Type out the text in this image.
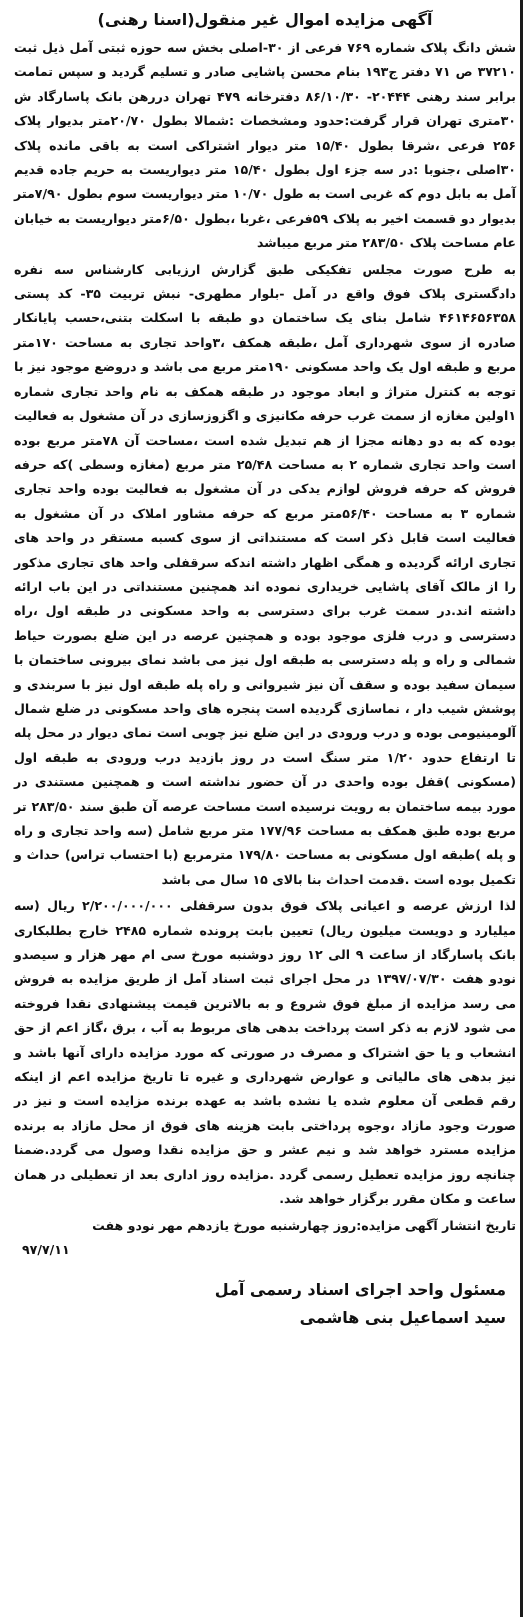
آگهی مزایده اموال غیر منقول(اسنا رهنی)

شش دانگ پلاک شماره ۷۶۹ فرعی از ۳۰-اصلی بخش سه حوزه ثبتی آمل ذیل ثبت ۳۷۲۱۰ ص ۷۱ دفتر ج۱۹۳ بنام محسن پاشایی صادر و تسلیم گردید و سپس تمامت برابر سند رهنی ۲۰۴۴۴- ۸۶/۱۰/۳۰ دفترخانه ۴۷۹ تهران دررهن بانک پاسارگاد ش ۳۰متری تهران قرار گرفت:حدود ومشخصات :شمالا بطول ۲۰/۷۰متر بدیوار پلاک ۲۵۶ فرعی ،شرقا بطول ۱۵/۴۰ متر دیوار اشتراکی است به باقی مانده پلاک ۳۰اصلی ،جنوبا :در سه جزء اول بطول ۱۵/۴۰ متر دیواریست به حریم جاده قدیم آمل به بابل دوم که غربی است به طول ۱۰/۷۰ متر دیواریست سوم بطول ۷/۹۰متر بدیوار دو قسمت اخیر به پلاک ۵۹فرعی ،غربا ،بطول ۶/۵۰متر دیواریست به خیابان عام مساحت پلاک ۲۸۳/۵۰ متر مربع میباشد

به طرح صورت مجلس تفکیکی طبق گزارش ارزیابی کارشناس سه نفره دادگستری پلاک فوق واقع در آمل -بلوار مطهری- نبش تربیت ۳۵- کد پستی ۴۶۱۴۶۵۶۳۵۸ شامل بنای یک ساختمان دو طبقه با اسکلت بتنی،حسب پایانکار صادره از سوی شهرداری آمل ،طبقه همکف ،۳واحد تجاری به مساحت ۱۷۰متر مربع و طبقه اول یک واحد مسکونی ۱۹۰متر مربع می باشد و دروضع موجود نیز با توجه به کنترل متراژ و ابعاد موجود در طبقه همکف به نام واحد تجاری شماره ۱اولین مغازه از سمت غرب حرفه مکانیزی و اگزوزسازی در آن مشغول به فعالیت بوده که به دو دهانه مجزا از هم تبدیل شده است ،مساحت آن ۷۸متر مربع بوده است واحد تجاری شماره ۲ به مساحت ۲۵/۴۸ متر مربع (مغازه وسطی )که حرفه فروش که حرفه فروش لوازم یدکی در آن مشغول به فعالیت بوده واحد تجاری شماره ۳ به مساحت ۵۶/۴۰متر مربع که حرفه مشاور املاک در آن مشغول به فعالیت است قابل ذکر است که مستنداتی از سوی کسبه مستقر در واحد های تجاری ارائه گردیده و همگی اظهار داشته اندکه سرقفلی واحد های تجاری مذکور را از مالک آقای پاشایی خریداری نموده اند همچنین مستنداتی در این باب ارائه داشته اند.در سمت غرب برای دسترسی به واحد مسکونی در طبقه اول ،راه دسترسی و درب فلزی موجود بوده و همچنین عرصه در این ضلع بصورت حیاط شمالی و راه و پله دسترسی به طبقه اول نیز می باشد نمای بیرونی ساختمان با سیمان سفید بوده و سقف آن نیز شیروانی و راه پله طبقه اول نیز با سربندی و پوشش شیب دار ، نماسازی گردیده است پنجره های واحد مسکونی در ضلع شمال آلومینیومی بوده و درب ورودی در این ضلع نیز چوبی است نمای دیوار در محل پله تا ارتفاع حدود ۱/۲۰ متر سنگ است در روز بازدید درب ورودی به طبقه اول (مسکونی )قفل بوده واحدی در آن حضور نداشته است و همچنین مستندی در مورد بیمه ساختمان به رویت نرسیده است مساحت عرصه آن طبق سند ۲۸۳/۵۰ تر مربع بوده طبق همکف به مساحت ۱۷۷/۹۶ متر مربع شامل (سه واحد تجاری و راه و پله )طبقه اول مسکونی به مساحت ۱۷۹/۸۰ مترمربع (با احتساب تراس) حداث و تکمیل بوده است .قدمت احداث بنا بالای ۱۵ سال می باشد

لذا ارزش عرصه و اعیانی پلاک فوق بدون سرقفلی ۲/۲۰۰/۰۰۰/۰۰۰ ریال (سه میلیارد و دویست میلیون ریال) تعیین بابت پرونده شماره ۲۴۸۵ خارج بطلبکاری بانک پاسارگاد از ساعت ۹ الی ۱۲ روز دوشنبه مورخ سی ام مهر هزار و سیصدو نودو هفت ۱۳۹۷/۰۷/۳۰ در محل اجرای ثبت اسناد آمل از طریق مزایده به فروش می رسد مزایده از مبلغ فوق شروع و به بالاترین قیمت پیشنهادی نقدا فروخته می شود لازم به ذکر است پرداخت بدهی های مربوط به آب ، برق ،گاز اعم از حق انشعاب و یا حق اشتراک و مصرف در صورتی که مورد مزایده دارای آنها باشد و نیز بدهی های مالیاتی و عوارض شهرداری و غیره تا تاریخ مزایده اعم از اینکه رقم قطعی آن معلوم شده یا نشده باشد به عهده برنده مزایده است و نیز در صورت وجود مازاد ،وجوه پرداختی بابت هزینه های فوق از محل مازاد به برنده مزایده مسترد خواهد شد و نیم عشر و حق مزایده نقدا وصول می گردد.ضمنا چنانچه روز مزایده تعطیل رسمی گردد .مزایده روز اداری بعد از تعطیلی در همان ساعت و مکان مقرر برگزار خواهد شد.

تاریخ انتشار آگهی مزایده:روز چهارشنبه مورخ یازدهم مهر نودو هفت

۹۷/۷/۱۱

مسئول واحد اجرای اسناد رسمی آمل

سید اسماعیل بنی هاشمی
